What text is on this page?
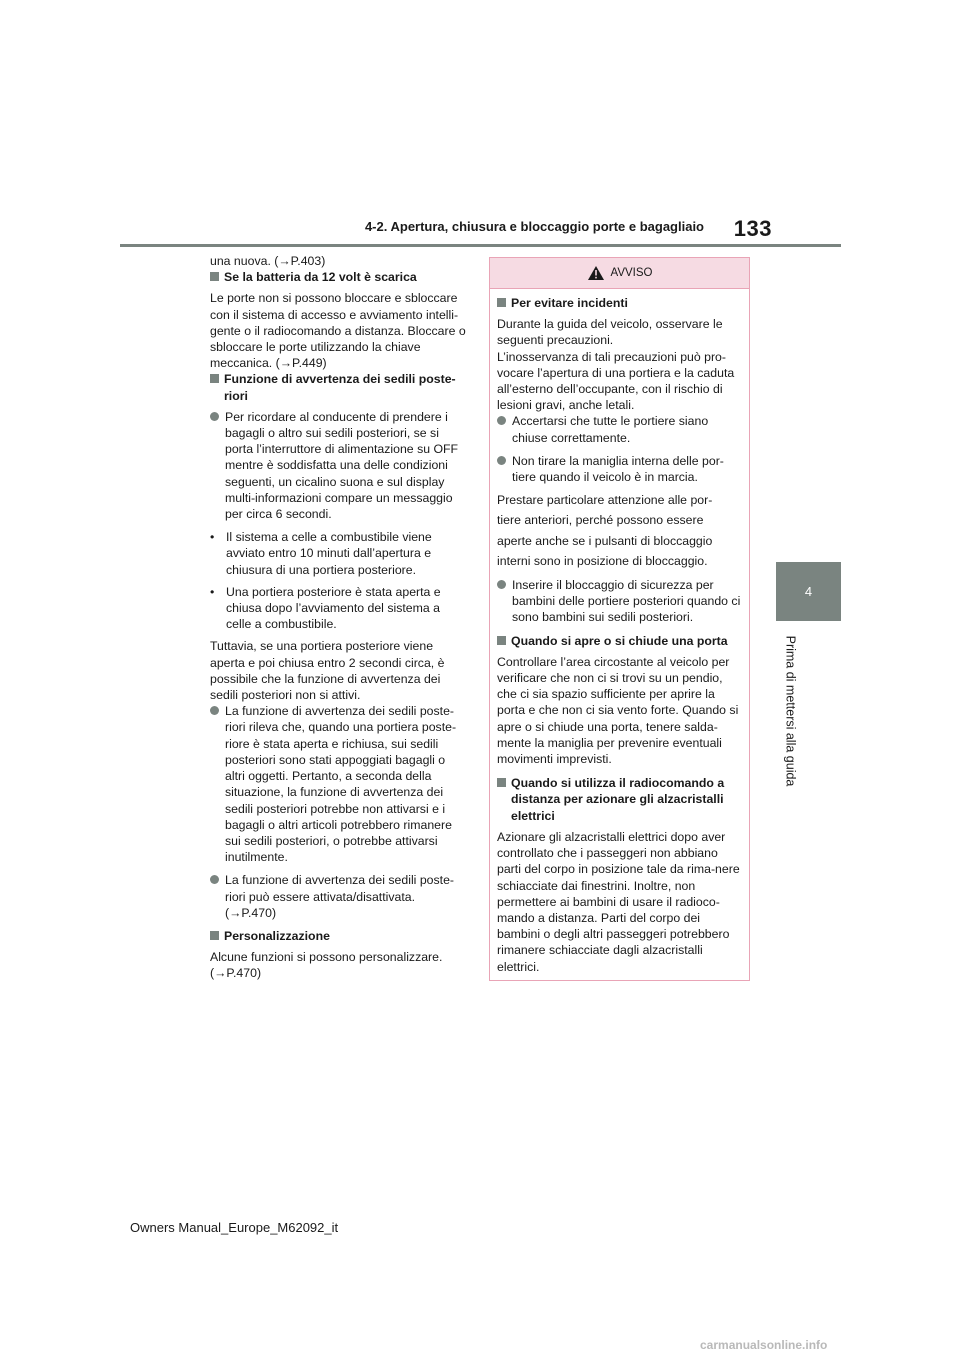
4-2. Apertura, chiusura e bloccaggio porte e bagagliaio	133
4
Prima di mettersi alla guida

una nuova. (→P.403)

Se la batteria da 12 volt è scarica

Le porte non si possono bloccare e sbloccare con il sistema di accesso e avviamento intelli-gente o il radiocomando a distanza. Bloccare o sbloccare le porte utilizzando la chiave meccanica. (→P.449)

Funzione di avvertenza dei sedili poste-riori
Per ricordare al conducente di prendere i bagagli o altro sui sedili posteriori, se si porta l’interruttore di alimentazione su OFF mentre è soddisfatta una delle condizioni seguenti, un cicalino suona e sul display multi-informazioni compare un messaggio per circa 6 secondi.
• Il sistema a celle a combustibile viene avviato entro 10 minuti dall’apertura e chiusura di una portiera posteriore.
• Una portiera posteriore è stata aperta e chiusa dopo l’avviamento del sistema a celle a combustibile.

Tuttavia, se una portiera posteriore viene aperta e poi chiusa entro 2 secondi circa, è possibile che la funzione di avvertenza dei sedili posteriori non si attivi.

La funzione di avvertenza dei sedili poste-riori rileva che, quando una portiera poste-riore è stata aperta e richiusa, sui sedili posteriori sono stati appoggiati bagagli o altri oggetti. Pertanto, a seconda della situazione, la funzione di avvertenza dei sedili posteriori potrebbe non attivarsi e i bagagli o altri articoli potrebbero rimanere sui sedili posteriori, o potrebbe attivarsi inutilmente.
La funzione di avvertenza dei sedili poste-riori può essere attivata/disattivata. (→P.470)
Personalizzazione

Alcune funzioni si possono personalizzare. (→P.470)

AVVISO
Per evitare incidenti

Durante la guida del veicolo, osservare le seguenti precauzioni.

L’inosservanza di tali precauzioni può pro-vocare l’apertura di una portiera e la caduta all’esterno dell’occupante, con il rischio di lesioni gravi, anche letali.

Accertarsi che tutte le portiere siano chiuse correttamente.
Non tirare la maniglia interna delle por-tiere quando il veicolo è in marcia.

Prestare particolare attenzione alle por-

tiere anteriori, perché possono essere

aperte anche se i pulsanti di bloccaggio

interni sono in posizione di bloccaggio.

Inserire il bloccaggio di sicurezza per bambini delle portiere posteriori quando ci sono bambini sui sedili posteriori.
Quando si apre o si chiude una porta

Controllare l’area circostante al veicolo per verificare che non ci si trovi su un pendio, che ci sia spazio sufficiente per aprire la porta e che non ci sia vento forte. Quando si apre o si chiude una porta, tenere salda-mente la maniglia per prevenire eventuali movimenti imprevisti.

Quando si utilizza il radiocomando a distanza per azionare gli alzacristalli elettrici

Azionare gli alzacristalli elettrici dopo aver controllato che i passeggeri non abbiano parti del corpo in posizione tale da rima-nere schiacciate dai finestrini. Inoltre, non permettere ai bambini di usare il radioco-mando a distanza. Parti del corpo dei bambini o degli altri passeggeri potrebbero rimanere schiacciate dagli alzacristalli elettrici.

Owners Manual_Europe_M62092_it
carmanualsonline.info
